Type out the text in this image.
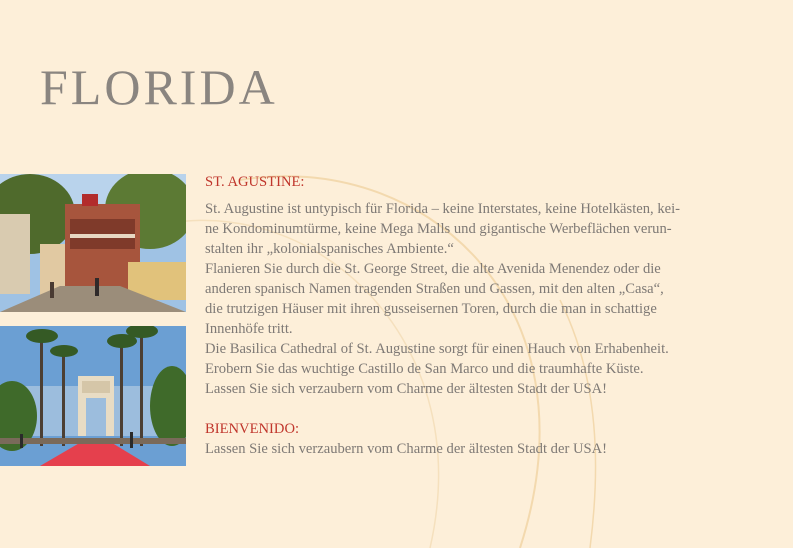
FLORIDA

ST. AGUSTINE:

St. Augustine ist untypisch für Florida – keine Interstates, keine Hotelkästen, kei-

ne Kondominumtürme, keine Mega Malls und gigantische Werbeflächen verun-

stalten ihr „kolonialspanisches Ambiente.“

Flanieren Sie durch die St. George Street, die alte Avenida Menendez oder die

anderen spanisch Namen tragenden Straßen und Gassen, mit den alten „Casa“,

die trutzigen Häuser mit ihren gusseisernen Toren, durch die man in schattige

Innenhöfe tritt.

Die Basilica Cathedral of St. Augustine sorgt für einen Hauch von Erhabenheit.

Erobern Sie das wuchtige Castillo de San Marco und die traumhafte Küste.

Lassen Sie sich verzaubern vom Charme der ältesten Stadt der USA!

BIENVENIDO:

Lassen Sie sich verzaubern vom Charme der ältesten Stadt der USA!
